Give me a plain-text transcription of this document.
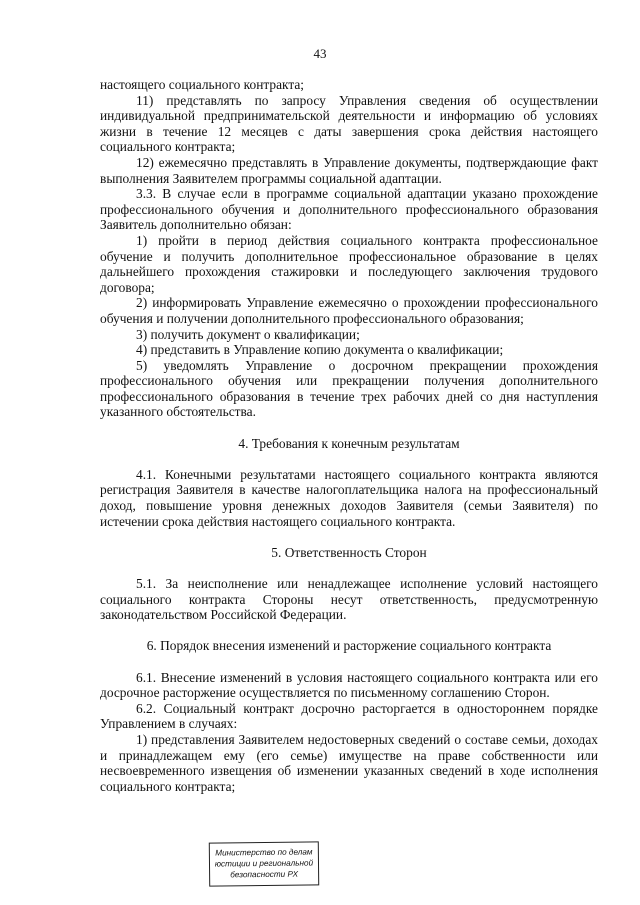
43

настоящего социального контракта;

11) представлять по запросу Управления сведения об осуществлении индивидуальной предпринимательской деятельности и информацию об условиях жизни в течение 12 месяцев с даты завершения срока действия настоящего социального контракта;

12) ежемесячно представлять в Управление документы, подтверждающие факт выполнения Заявителем программы социальной адаптации.

3.3. В случае если в программе социальной адаптации указано прохождение профессионального обучения и дополнительного профессионального образования Заявитель дополнительно обязан:

1) пройти в период действия социального контракта профессиональное обучение и получить дополнительное профессиональное образование в целях дальнейшего прохождения стажировки и последующего заключения трудового договора;

2) информировать Управление ежемесячно о прохождении профессионального обучения и получении дополнительного профессионального образования;

3) получить документ о квалификации;

4) представить в Управление копию документа о квалификации;

5) уведомлять Управление о досрочном прекращении прохождения профессионального обучения или прекращении получения дополнительного профессионального образования в течение трех рабочих дней со дня наступления указанного обстоятельства.

4. Требования к конечным результатам

4.1. Конечными результатами настоящего социального контракта являются регистрация Заявителя в качестве налогоплательщика налога на профессиональный доход, повышение уровня денежных доходов Заявителя (семьи Заявителя) по истечении срока действия настоящего социального контракта.

5. Ответственность Сторон

5.1. За неисполнение или ненадлежащее исполнение условий настоящего социального контракта Стороны несут ответственность, предусмотренную законодательством Российской Федерации.

6. Порядок внесения изменений и расторжение социального контракта

6.1. Внесение изменений в условия настоящего социального контракта или его досрочное расторжение осуществляется по письменному соглашению Сторон.

6.2. Социальный контракт досрочно расторгается в одностороннем порядке Управлением в случаях:

1) представления Заявителем недостоверных сведений о составе семьи, доходах и принадлежащем ему (его семье) имуществе на праве собственности или несвоевременного извещения об изменении указанных сведений в ходе исполнения социального контракта;

Министерство по делам
юстиции и региональной
безопасности РХ
